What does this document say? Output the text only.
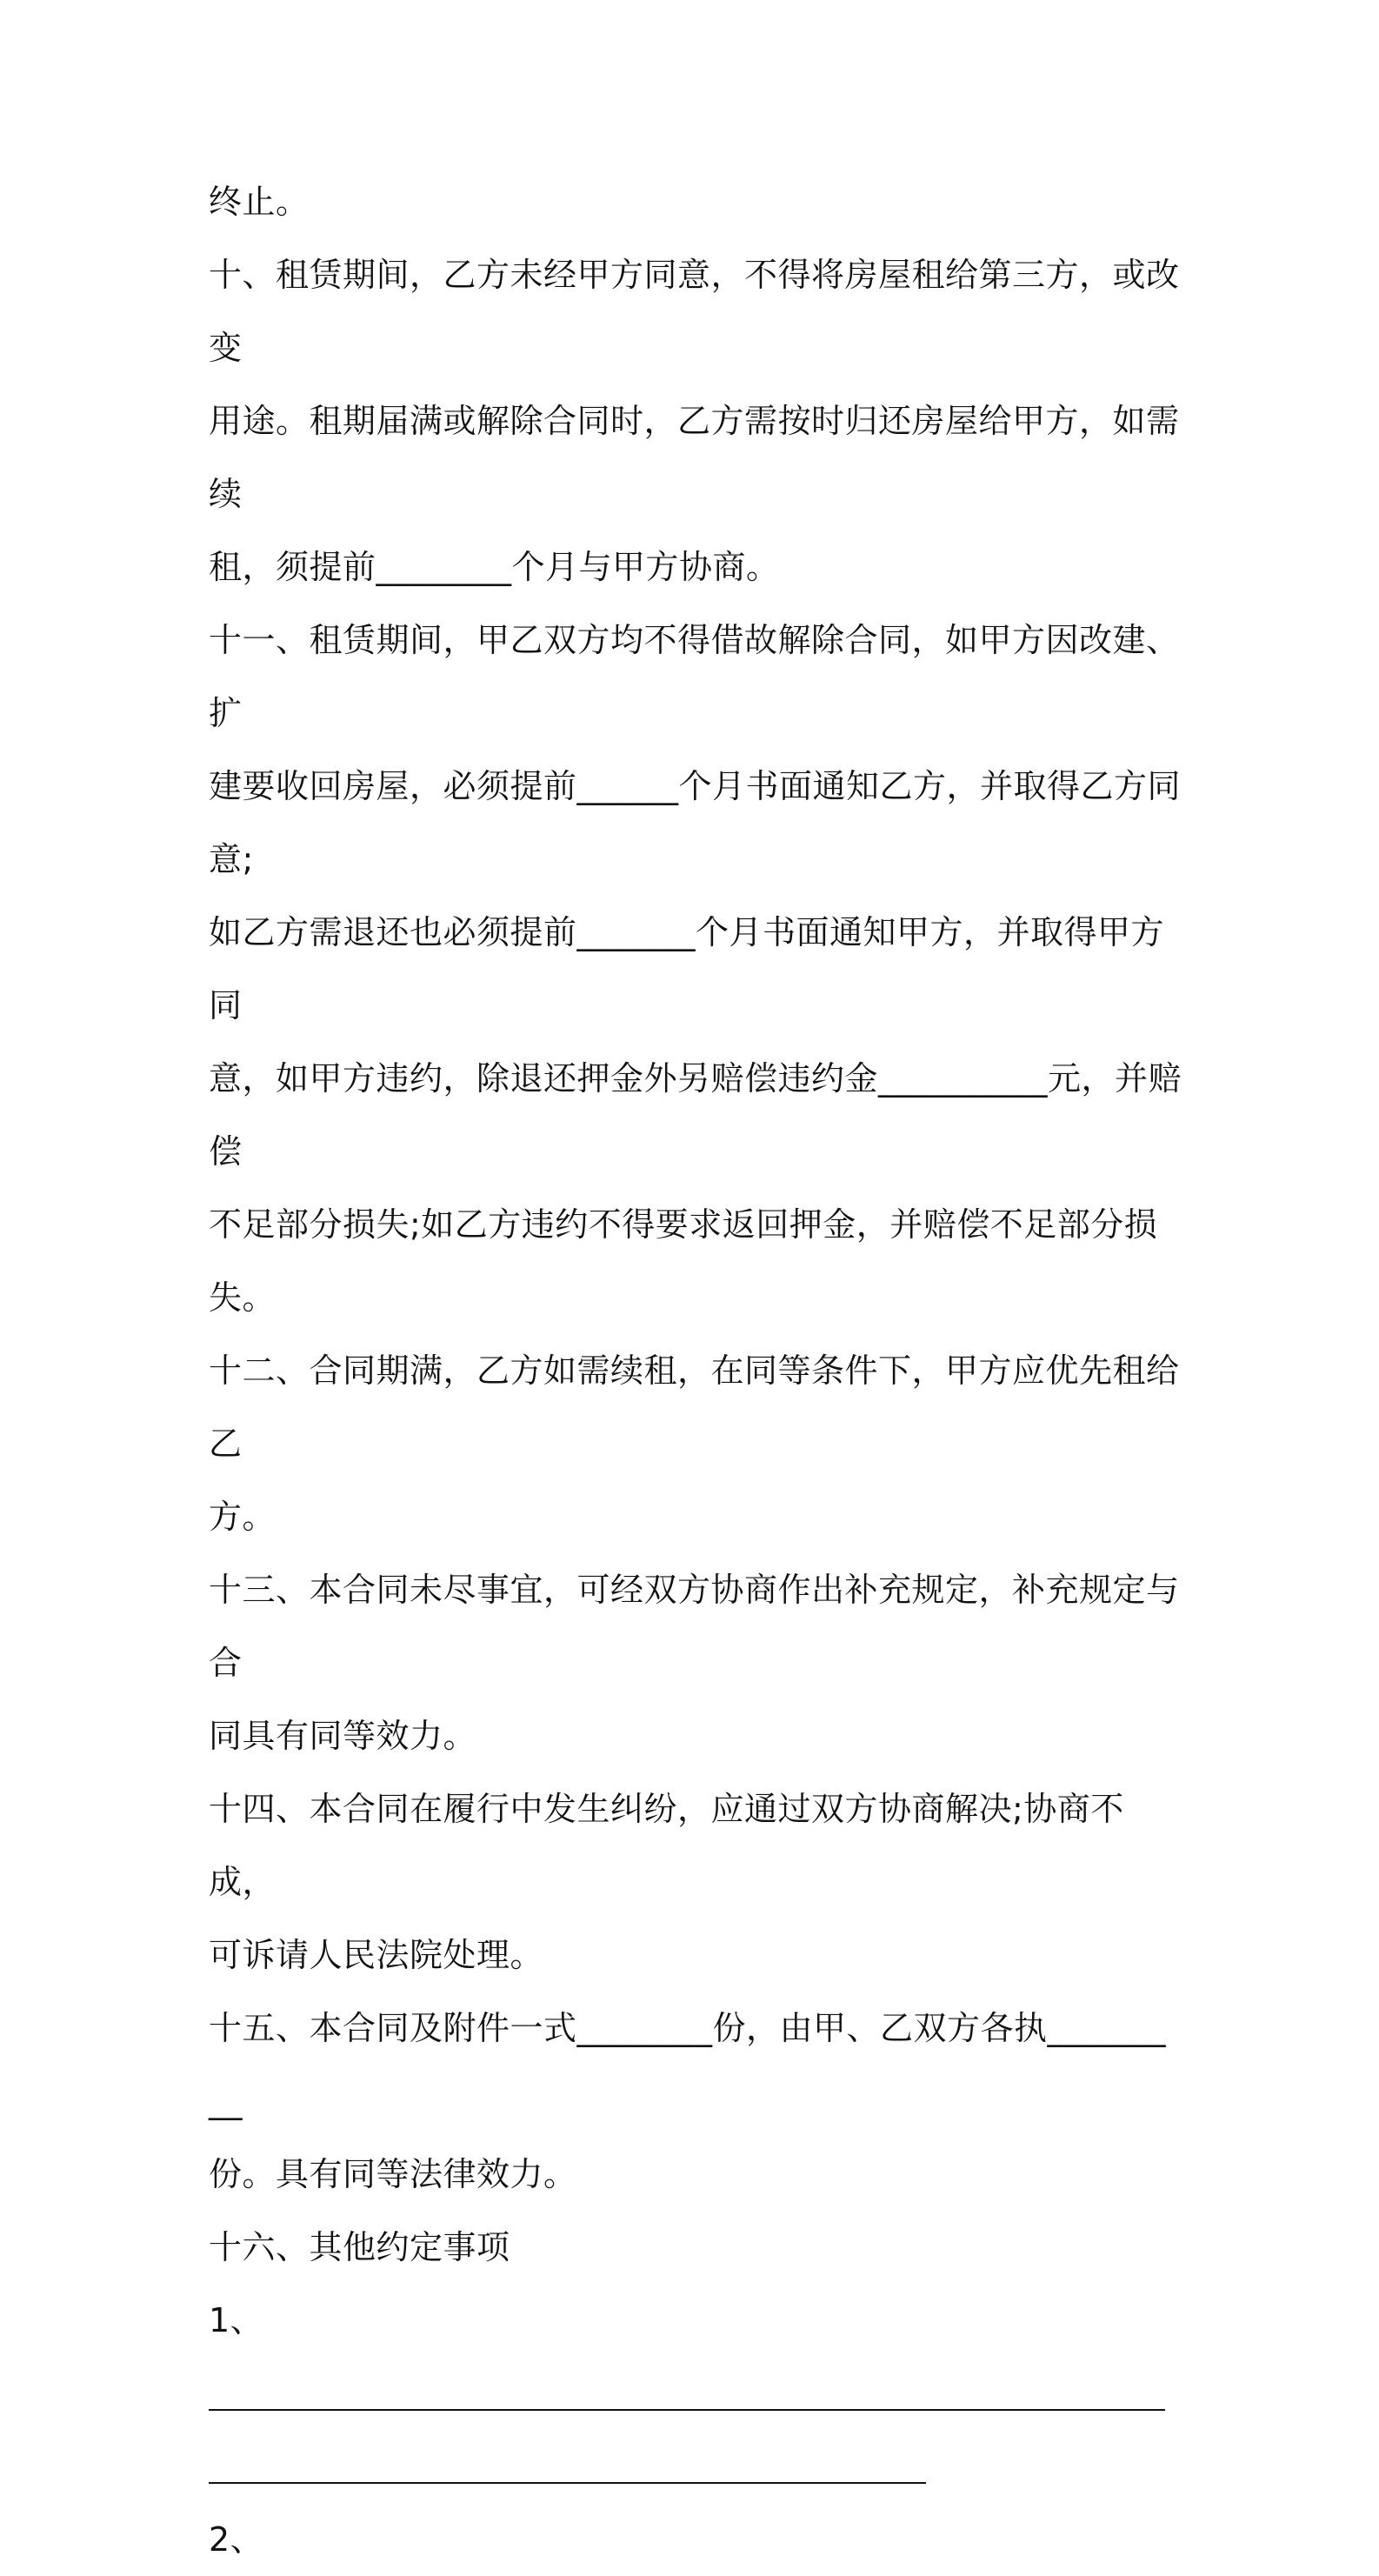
终止。

十、租赁期间，乙方未经甲方同意，不得将房屋租给第三方，或改变

用途。租期届满或解除合同时，乙方需按时归还房屋给甲方，如需续

租，须提前________个月与甲方协商。

十一、租赁期间，甲乙双方均不得借故解除合同，如甲方因改建、扩

建要收回房屋，必须提前______个月书面通知乙方，并取得乙方同意;

如乙方需退还也必须提前_______个月书面通知甲方，并取得甲方同

意，如甲方违约，除退还押金外另赔偿违约金__________元，并赔偿

不足部分损失;如乙方违约不得要求返回押金，并赔偿不足部分损失。

十二、合同期满，乙方如需续租，在同等条件下，甲方应优先租给乙

方。

十三、本合同未尽事宜，可经双方协商作出补充规定，补充规定与合

同具有同等效力。

十四、本合同在履行中发生纠纷，应通过双方协商解决;协商不成，

可诉请人民法院处理。

十五、本合同及附件一式________份，由甲、乙双方各执_________

份。具有同等法律效力。

十六、其他约定事项

1、

2、
